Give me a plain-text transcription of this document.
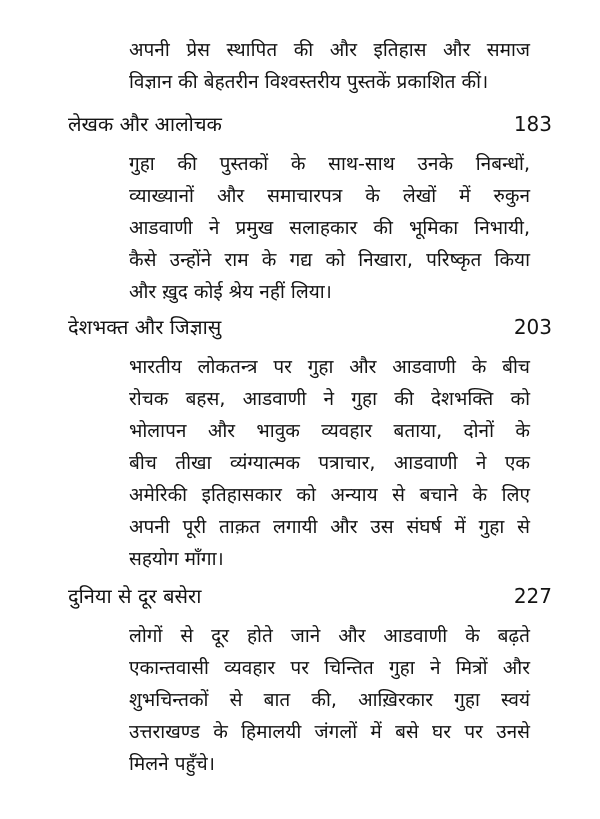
अपनी प्रेस स्थापित की और इतिहास और समाज
विज्ञान की बेहतरीन विश्वस्तरीय पुस्तकें प्रकाशित कीं।
लेखक और आलोचक	183
गुहा की पुस्तकों के साथ-साथ उनके निबन्धों,
व्याख्यानों और समाचारपत्र के लेखों में रुकुन
आडवाणी ने प्रमुख सलाहकार की भूमिका निभायी,
कैसे उन्होंने राम के गद्य को निखारा, परिष्कृत किया
और ख़ुद कोई श्रेय नहीं लिया।
देशभक्त और जिज्ञासु	203
भारतीय लोकतन्त्र पर गुहा और आडवाणी के बीच
रोचक बहस, आडवाणी ने गुहा की देशभक्ति को
भोलापन और भावुक व्यवहार बताया, दोनों के
बीच तीखा व्यंग्यात्मक पत्राचार, आडवाणी ने एक
अमेरिकी इतिहासकार को अन्याय से बचाने के लिए
अपनी पूरी ताक़त लगायी और उस संघर्ष में गुहा से
सहयोग माँगा।
दुनिया से दूर बसेरा	227
लोगों से दूर होते जाने और आडवाणी के बढ़ते
एकान्तवासी व्यवहार पर चिन्तित गुहा ने मित्रों और
शुभचिन्तकों से बात की, आख़िरकार गुहा स्वयं
उत्तराखण्ड के हिमालयी जंगलों में बसे घर पर उनसे
मिलने पहुँचे।
